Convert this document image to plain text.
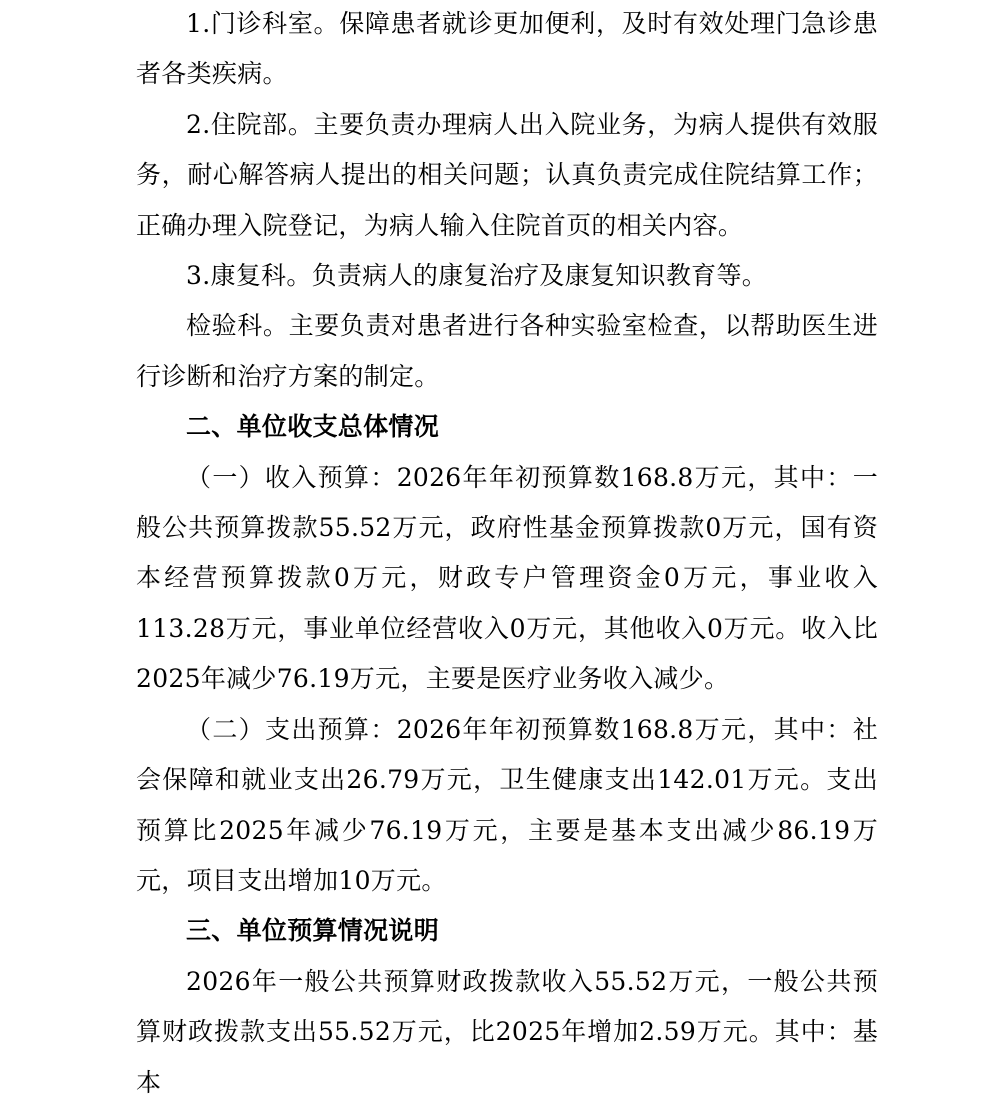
1.门诊科室。保障患者就诊更加便利，及时有效处理门急诊患者各类疾病。

2.住院部。主要负责办理病人出入院业务，为病人提供有效服务，耐心解答病人提出的相关问题；认真负责完成住院结算工作；正确办理入院登记，为病人输入住院首页的相关内容。

3.康复科。负责病人的康复治疗及康复知识教育等。

检验科。主要负责对患者进行各种实验室检查，以帮助医生进行诊断和治疗方案的制定。

二、单位收支总体情况

（一）收入预算：2026年年初预算数168.8万元，其中：一般公共预算拨款55.52万元，政府性基金预算拨款0万元，国有资本经营预算拨款0万元，财政专户管理资金0万元，事业收入113.28万元，事业单位经营收入0万元，其他收入0万元。收入比2025年减少76.19万元，主要是医疗业务收入减少。

（二）支出预算：2026年年初预算数168.8万元，其中：社会保障和就业支出26.79万元，卫生健康支出142.01万元。支出预算比2025年减少76.19万元，主要是基本支出减少86.19万元，项目支出增加10万元。

三、单位预算情况说明

2026年一般公共预算财政拨款收入55.52万元，一般公共预算财政拨款支出55.52万元，比2025年增加2.59万元。其中：基本
